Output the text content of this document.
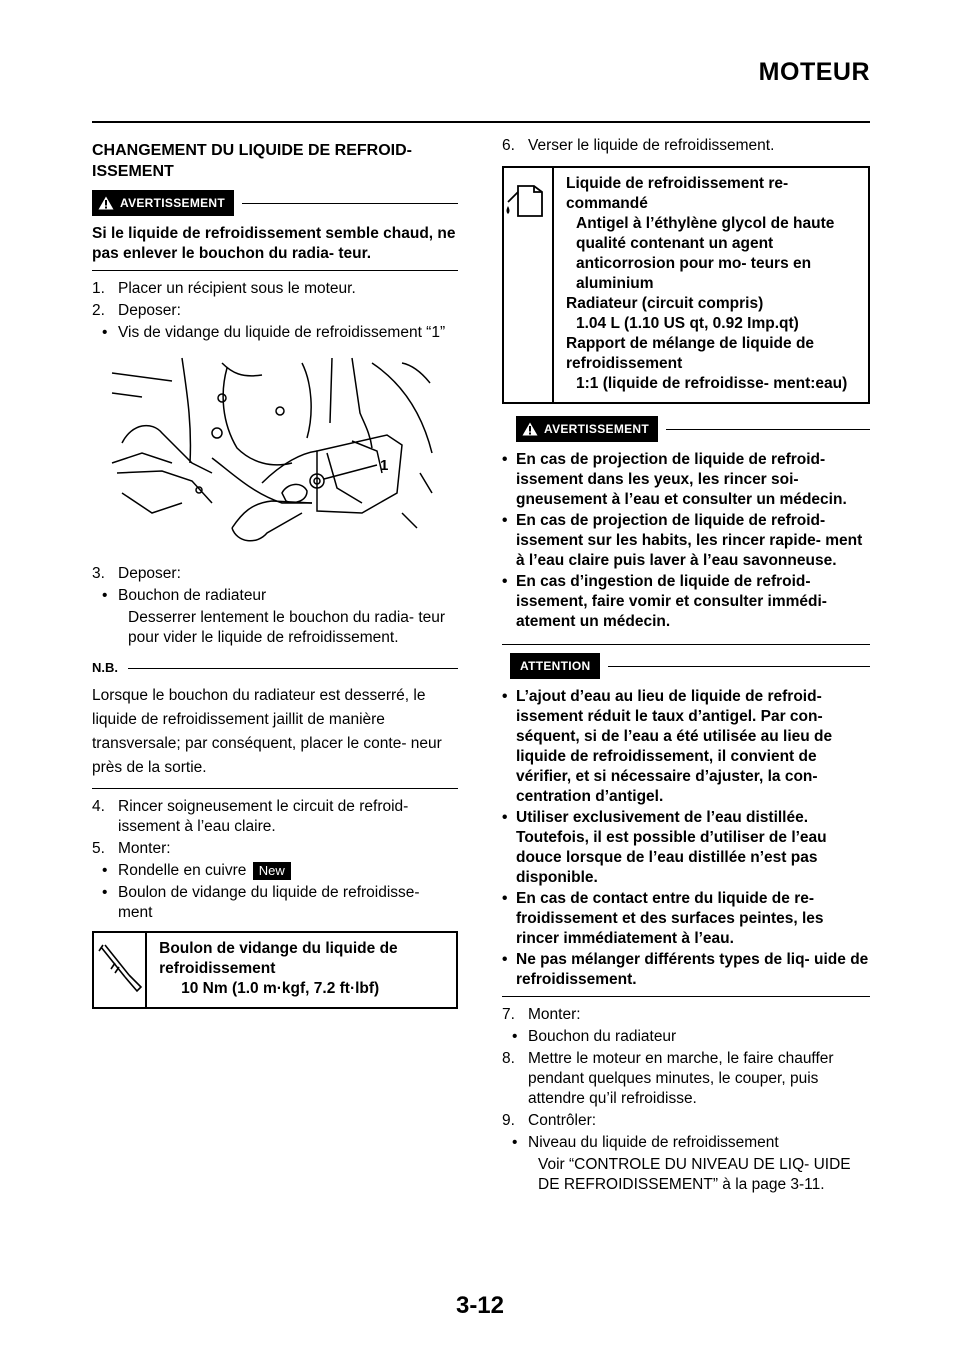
MOTEUR
CHANGEMENT DU LIQUIDE DE REFROID- ISSEMENT
AVERTISSEMENT
Si le liquide de refroidissement semble chaud, ne pas enlever le bouchon du radia- teur.
1. Placer un récipient sous le moteur.
2. Deposer:
• Vis de vidange du liquide de refroidissement “1”
1
3. Deposer:
• Bouchon de radiateur
Desserrer lentement le bouchon du radia- teur pour vider le liquide de refroidissement.
N.B.
Lorsque le bouchon du radiateur est desserré, le liquide de refroidissement jaillit de manière transversale; par conséquent, placer le conte- neur près de la sortie.
4. Rincer soigneusement le circuit de refroid- issement à l’eau claire.
5. Monter:
• Rondelle en cuivre New
• Boulon de vidange du liquide de refroidisse- ment
Boulon de vidange du liquide de refroidissement
10 Nm (1.0 m·kgf, 7.2 ft·lbf)
6. Verser le liquide de refroidissement.
Liquide de refroidissement re- commandé
Antigel à l’éthylène glycol de haute qualité contenant un agent anticorrosion pour mo- teurs en aluminium
Radiateur (circuit compris)
1.04 L (1.10 US qt, 0.92 Imp.qt)
Rapport de mélange de liquide de refroidissement
1:1 (liquide de refroidisse- ment:eau)
AVERTISSEMENT
• En cas de projection de liquide de refroid- issement dans les yeux, les rincer soi- gneusement à l’eau et consulter un médecin.
• En cas de projection de liquide de refroid- issement sur les habits, les rincer rapide- ment à l’eau claire puis laver à l’eau savonneuse.
• En cas d’ingestion de liquide de refroid- issement, faire vomir et consulter immédi- atement un médecin.
ATTENTION
• L’ajout d’eau au lieu de liquide de refroid- issement réduit le taux d’antigel. Par con- séquent, si de l’eau a été utilisée au lieu de liquide de refroidissement, il convient de vérifier, et si nécessaire d’ajuster, la con- centration d’antigel.
• Utiliser exclusivement de l’eau distillée. Toutefois, il est possible d’utiliser de l’eau douce lorsque de l’eau distillée n’est pas disponible.
• En cas de contact entre du liquide de re- froidissement et des surfaces peintes, les rincer immédiatement à l’eau.
• Ne pas mélanger différents types de liq- uide de refroidissement.
7. Monter:
• Bouchon du radiateur
8. Mettre le moteur en marche, le faire chauffer pendant quelques minutes, le couper, puis attendre qu’il refroidisse.
9. Contrôler:
• Niveau du liquide de refroidissement
Voir “CONTROLE DU NIVEAU DE LIQ- UIDE DE REFROIDISSEMENT” à la page 3-11.
3-12
